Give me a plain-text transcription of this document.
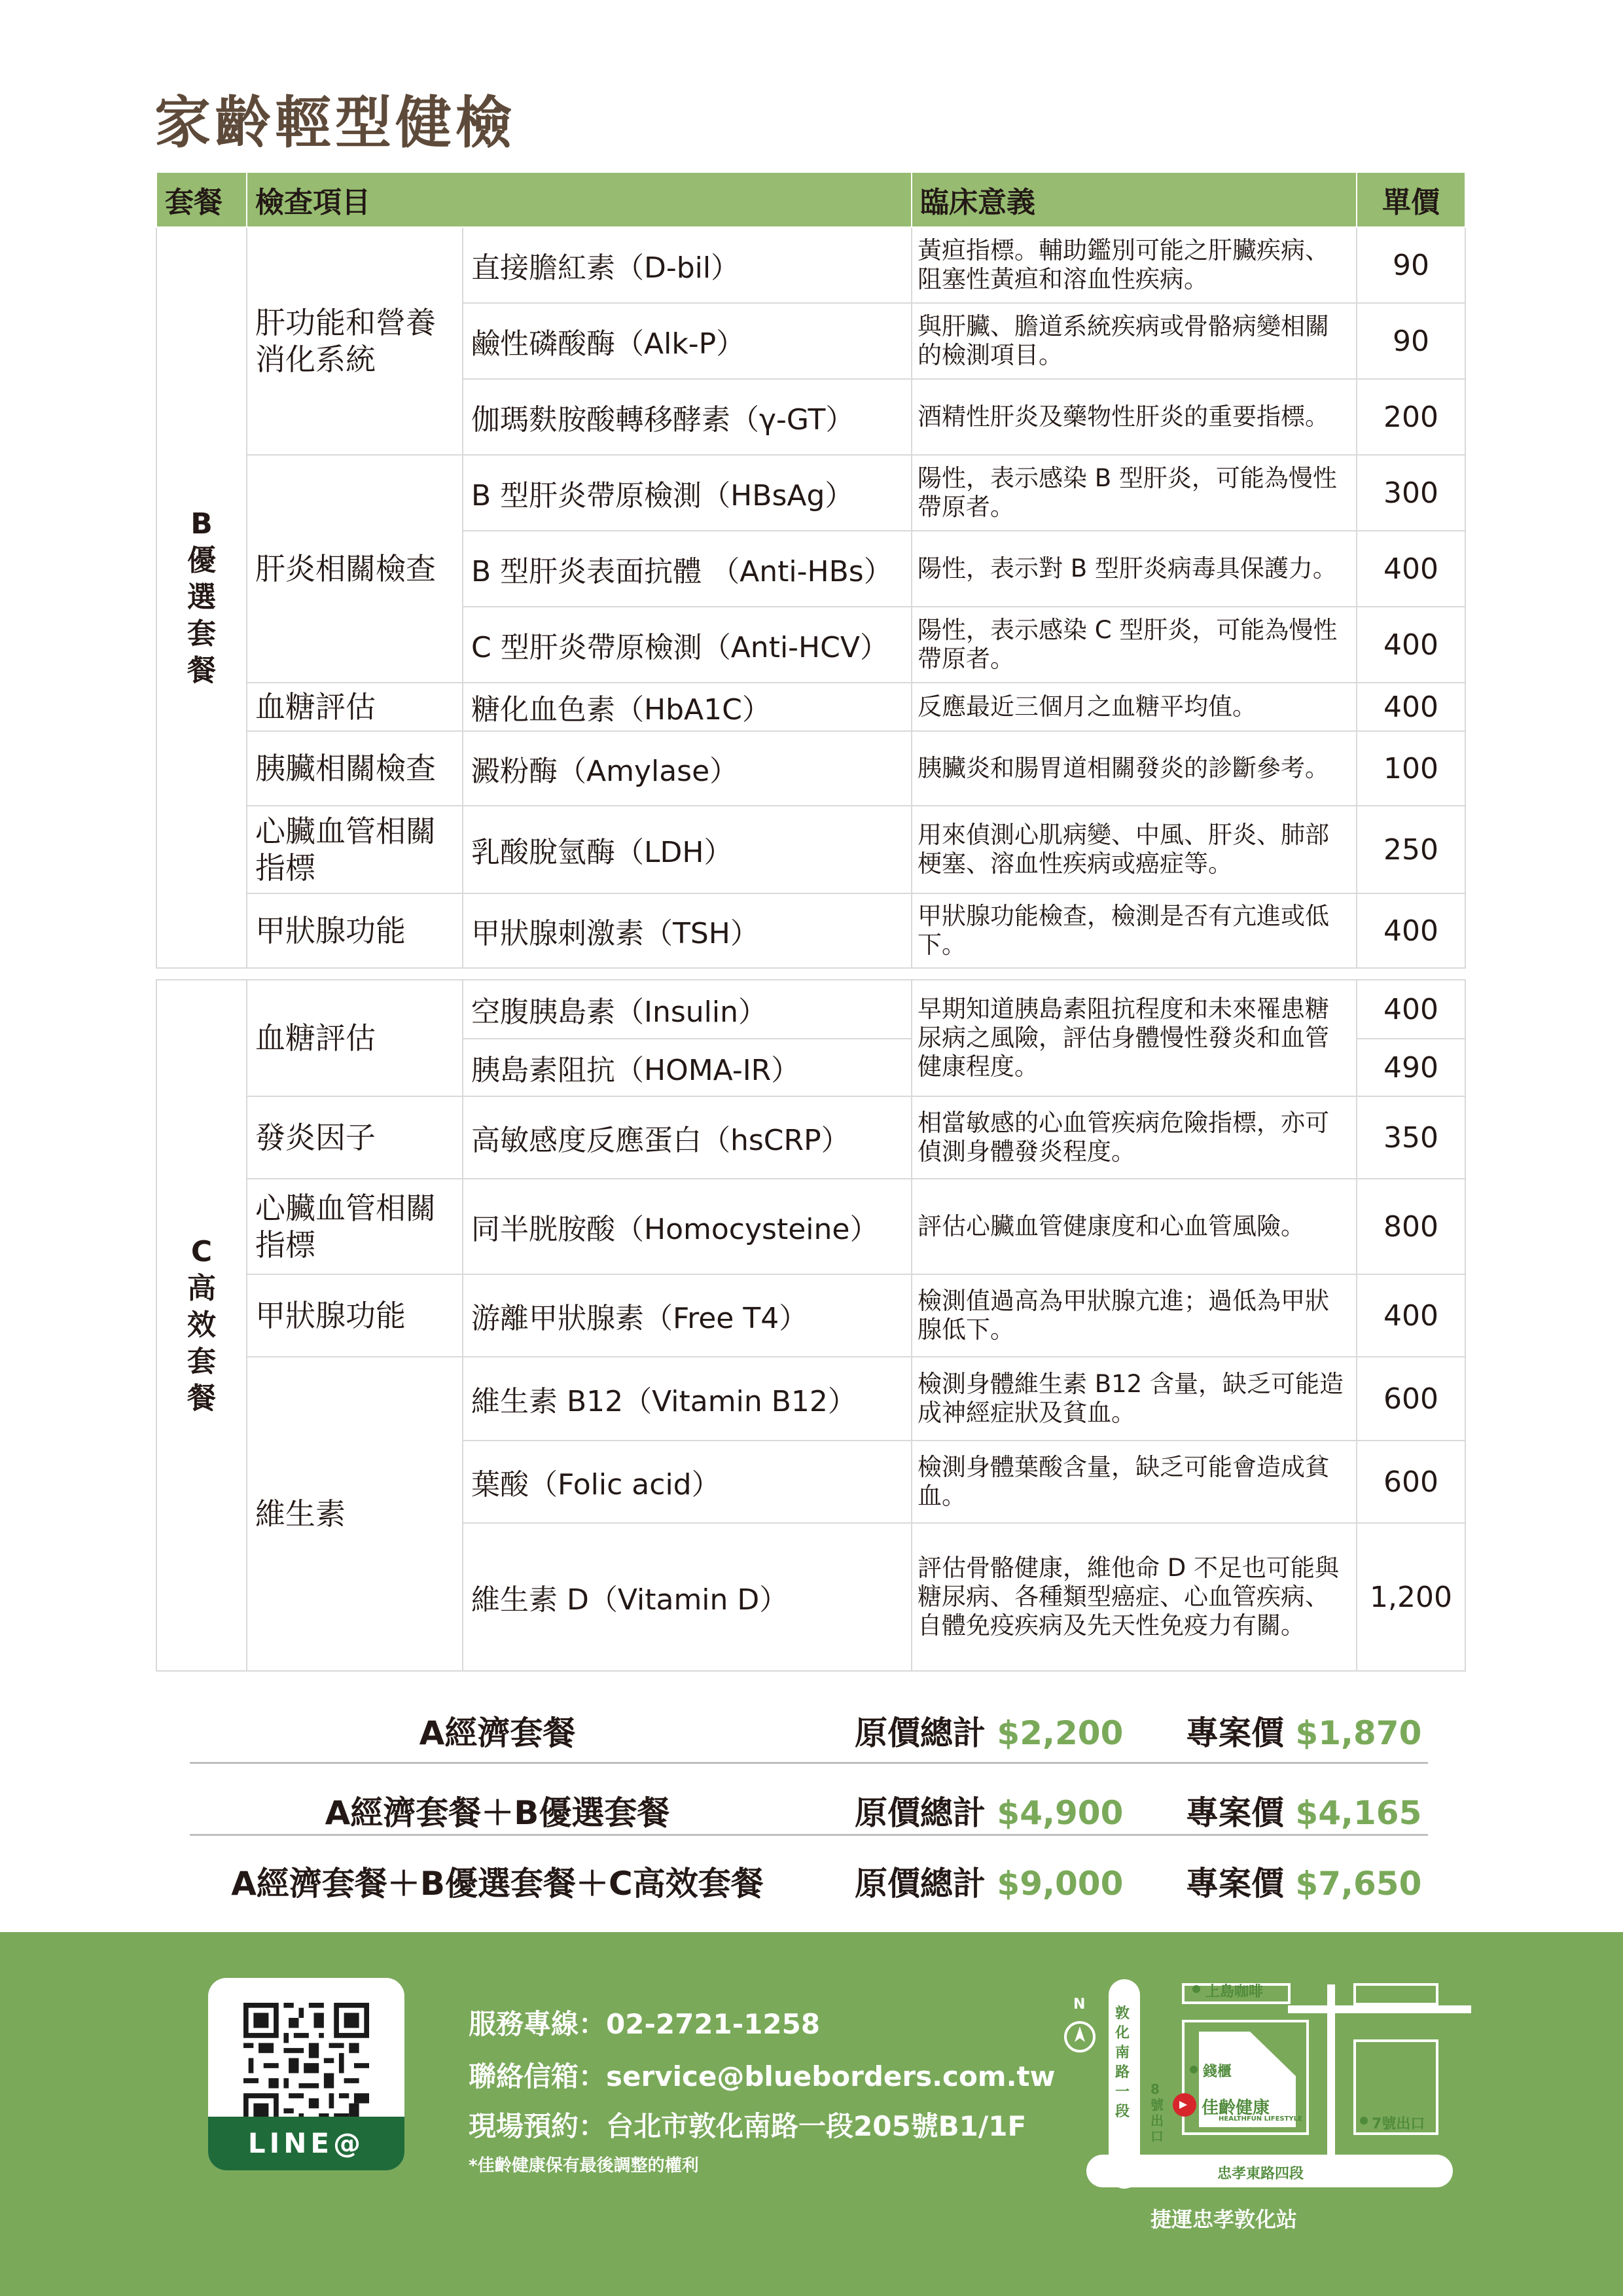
家齡輕型健檢
套餐	檢查項目		臨床意義	單價

B
優
選
套
餐	肝功能和營養消化系統	直接膽紅素（D-bil）	黃疸指標。輔助鑑別可能之肝臟疾病、阻塞性黃疸和溶血性疾病。	90
		鹼性磷酸酶（Alk-P）	與肝臟、膽道系統疾病或骨骼病變相關的檢測項目。	90
		伽瑪麩胺酸轉移酵素（γ-GT）	酒精性肝炎及藥物性肝炎的重要指標。	200
	肝炎相關檢查	B 型肝炎帶原檢測（HBsAg）	陽性，表示感染 B 型肝炎，可能為慢性帶原者。	300
		B 型肝炎表面抗體 （Anti-HBs）	陽性，表示對 B 型肝炎病毒具保護力。	400
		C 型肝炎帶原檢測（Anti-HCV）	陽性，表示感染 C 型肝炎，可能為慢性帶原者。	400
	血糖評估	糖化血色素（HbA1C）	反應最近三個月之血糖平均值。	400
	胰臟相關檢查	澱粉酶（Amylase）	胰臟炎和腸胃道相關發炎的診斷參考。	100
	心臟血管相關指標	乳酸脫氫酶（LDH）	用來偵測心肌病變、中風、肝炎、肺部梗塞、溶血性疾病或癌症等。	250
	甲狀腺功能	甲狀腺刺激素（TSH）	甲狀腺功能檢查，檢測是否有亢進或低下。	400
C
高
效
套
餐	血糖評估	空腹胰島素（Insulin）	早期知道胰島素阻抗程度和未來罹患糖尿病之風險，評估身體慢性發炎和血管健康程度。	400
		胰島素阻抗（HOMA-IR）		490
	發炎因子	高敏感度反應蛋白（hsCRP）	相當敏感的心血管疾病危險指標，亦可偵測身體發炎程度。	350
	心臟血管相關指標	同半胱胺酸（Homocysteine）	評估心臟血管健康度和心血管風險。	800
	甲狀腺功能	游離甲狀腺素（Free T4）	檢測值過高為甲狀腺亢進；過低為甲狀腺低下。	400
	維生素	維生素 B12（Vitamin B12）	檢測身體維生素 B12 含量，缺乏可能造成神經症狀及貧血。	600
		葉酸（Folic acid）	檢測身體葉酸含量，缺乏可能會造成貧血。	600
		維生素 D（Vitamin D）	評估骨骼健康，維他命 D 不足也可能與糖尿病、各種類型癌症、心血管疾病、自體免疫疾病及先天性免疫力有關。	1,200
A經濟套餐	原價總計 $2,200 專案價 $1,870
A經濟套餐＋B優選套餐	原價總計 $4,900 專案價 $4,165
A經濟套餐＋B優選套餐＋C高效套餐	原價總計 $9,000 專案價 $7,650
LINE@
服務專線：02-2721-1258
聯絡信箱：service@blueborders.com.tw
現場預約：台北市敦化南路一段205號B1/1F
*佳齡健康保有最後調整的權利
N
上島咖啡
錢櫃
佳齡健康
HEALTHFUN LIFESTYLE
敦化南路一段
8號出口
7號出口
忠孝東路四段
捷運忠孝敦化站
